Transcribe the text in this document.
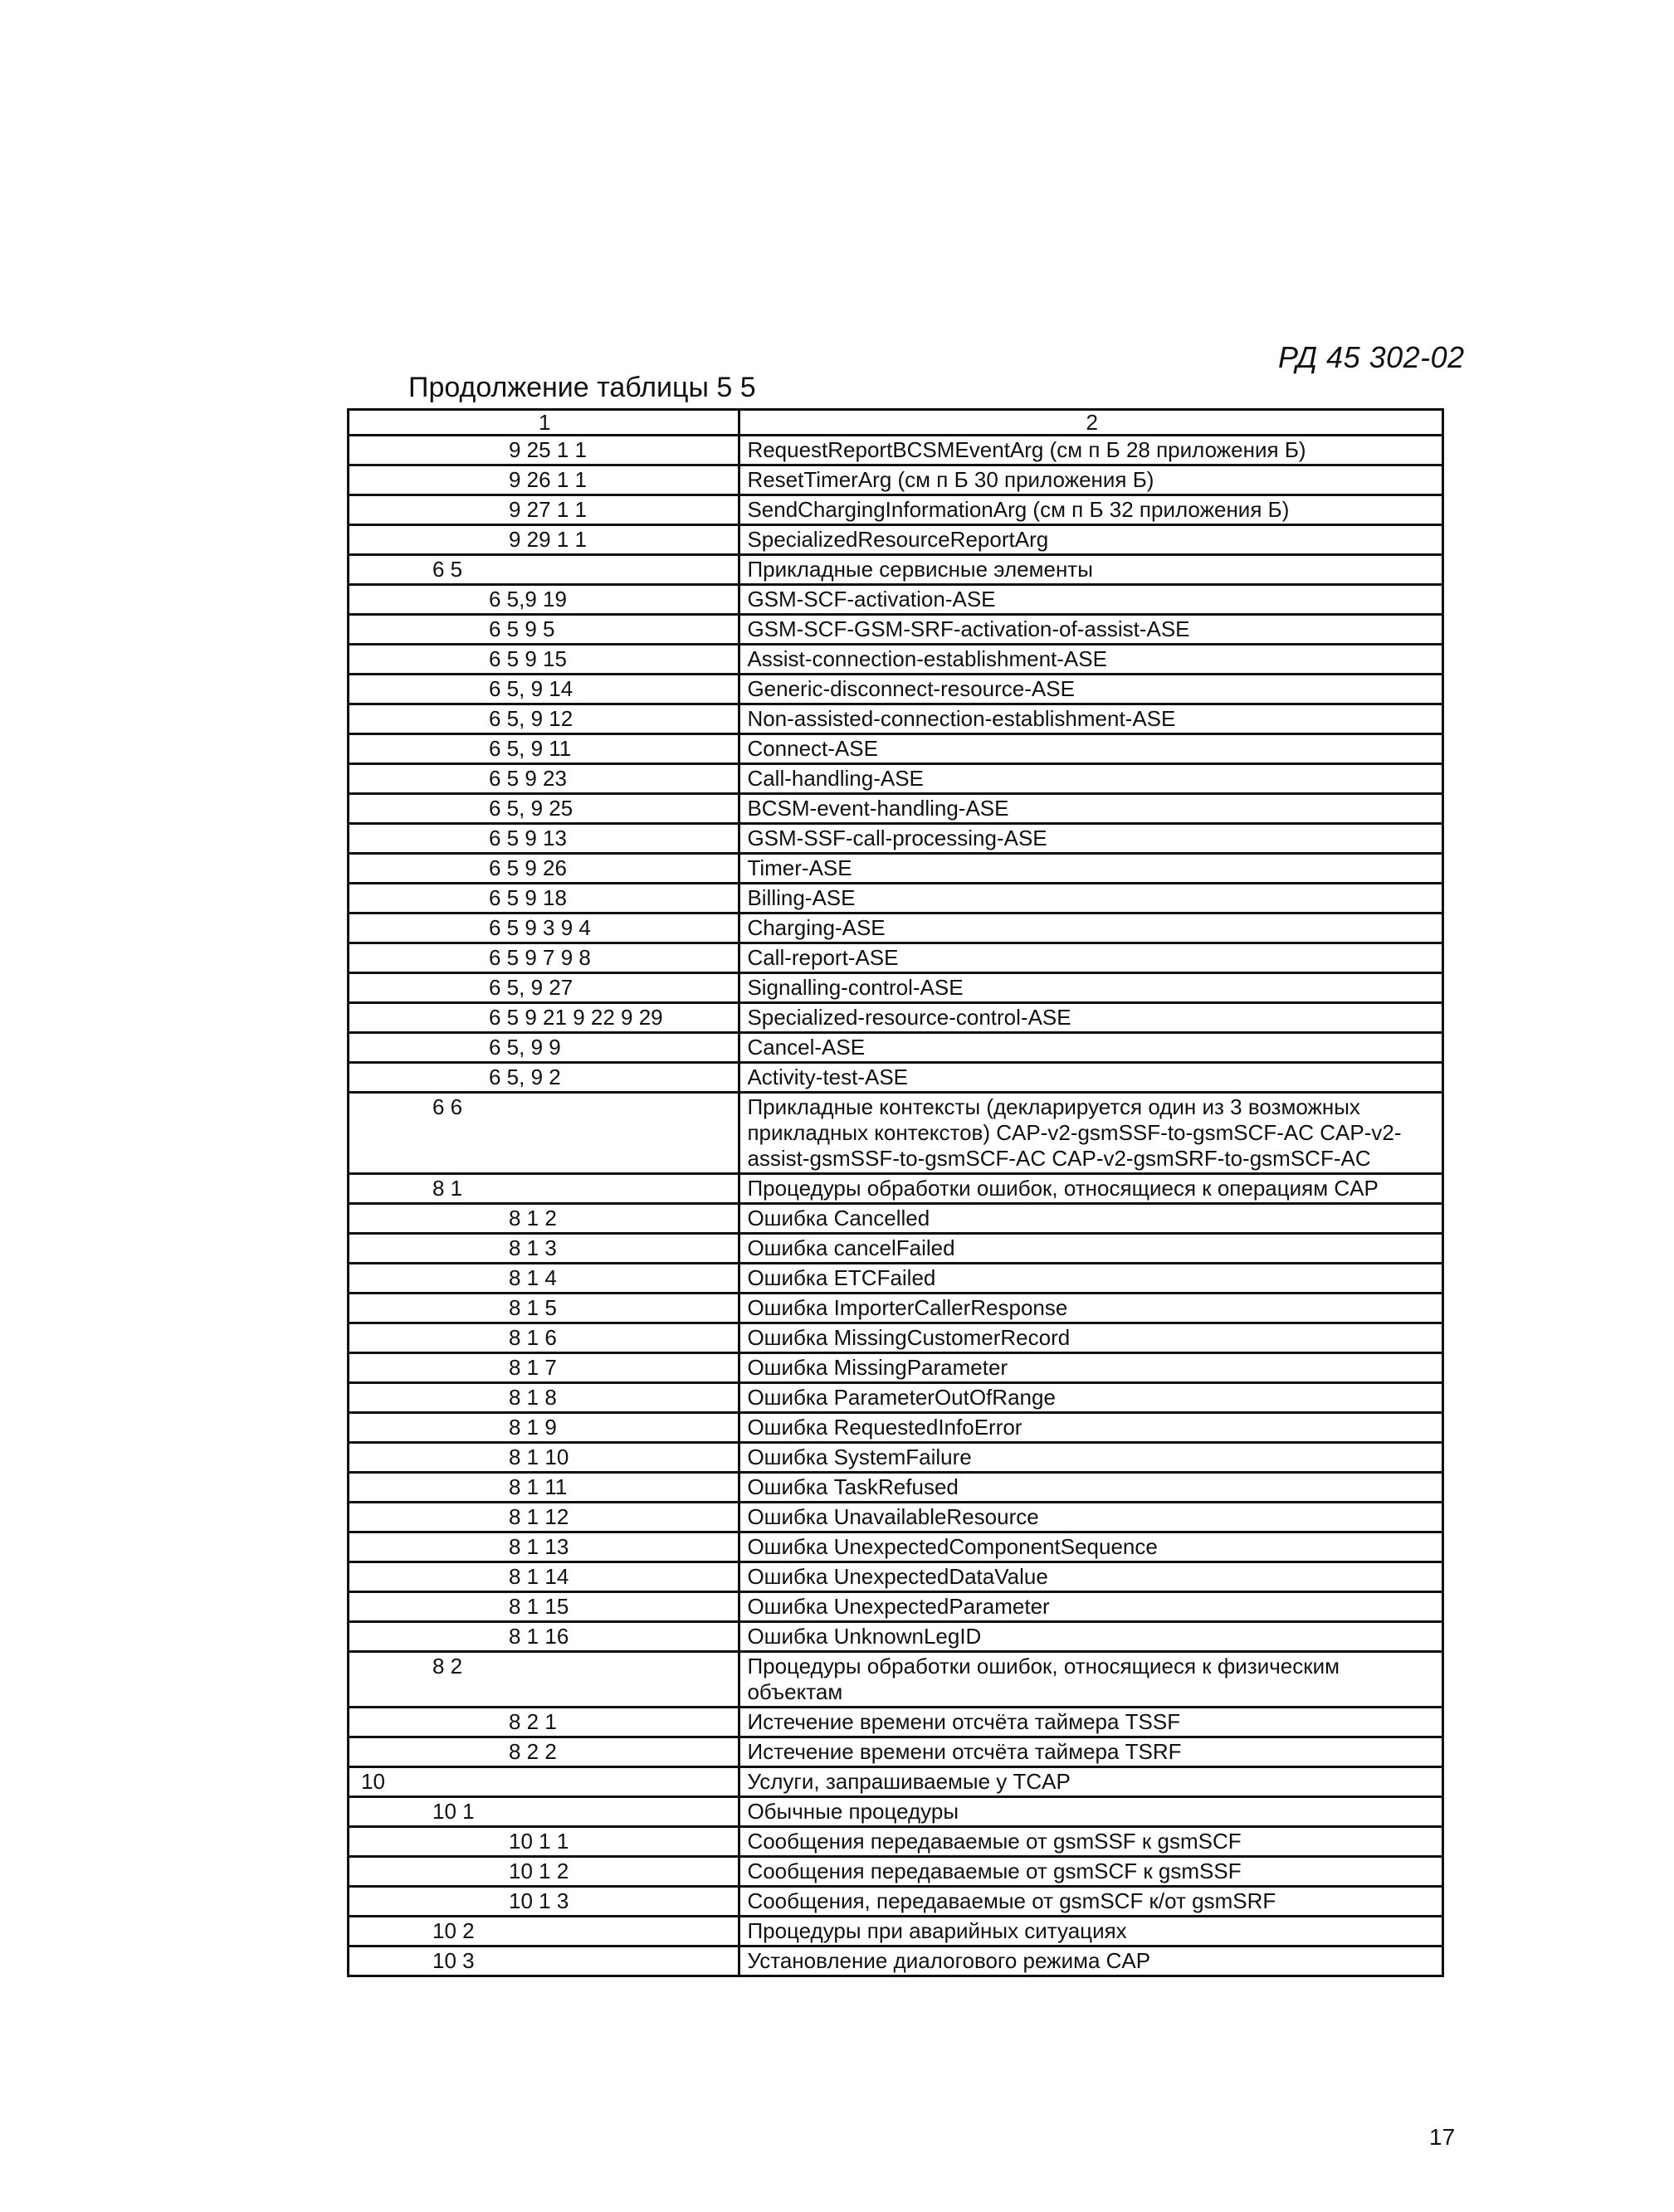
РД 45 302-02
Продолжение таблицы 5 5
1	2
9 25 1 1	RequestReportBCSMEventArg (см п Б 28 приложения Б)
9 26 1 1	ResetTimerArg (см п Б 30 приложения Б)
9 27 1 1	SendChargingInformationArg (см п Б 32 приложения Б)
9 29 1 1	SpecializedResourceReportArg
6 5	Прикладные сервисные элементы
6 5,9 19	GSM-SCF-activation-ASE
6 5 9 5	GSM-SCF-GSM-SRF-activation-of-assist-ASE
6 5 9 15	Assist-connection-establishment-ASE
6 5, 9 14	Generic-disconnect-resource-ASE
6 5, 9 12	Non-assisted-connection-establishment-ASE
6 5, 9 11	Connect-ASE
6 5 9 23	Call-handling-ASE
6 5, 9 25	BCSM-event-handling-ASE
6 5 9 13	GSM-SSF-call-processing-ASE
6 5 9 26	Timer-ASE
6 5 9 18	Billing-ASE
6 5 9 3 9 4	Charging-ASE
6 5 9 7 9 8	Call-report-ASE
6 5, 9 27	Signalling-control-ASE
6 5 9 21 9 22 9 29	Specialized-resource-control-ASE
6 5, 9 9	Cancel-ASE
6 5, 9 2	Activity-test-ASE
6 6	Прикладные контексты (декларируется один из 3 возможных прикладных контекстов) CAP-v2-gsmSSF-to-gsmSCF-AC CAP-v2-assist-gsmSSF-to-gsmSCF-AC CAP-v2-gsmSRF-to-gsmSCF-AC
8 1	Процедуры обработки ошибок, относящиеся к операциям CAP
8 1 2	Ошибка Cancelled
8 1 3	Ошибка cancelFailed
8 1 4	Ошибка ETCFailed
8 1 5	Ошибка ImporterCallerResponse
8 1 6	Ошибка MissingCustomerRecord
8 1 7	Ошибка MissingParameter
8 1 8	Ошибка ParameterOutOfRange
8 1 9	Ошибка RequestedInfoError
8 1 10	Ошибка SystemFailure
8 1 11	Ошибка TaskRefused
8 1 12	Ошибка UnavailableResource
8 1 13	Ошибка UnexpectedComponentSequence
8 1 14	Ошибка UnexpectedDataValue
8 1 15	Ошибка UnexpectedParameter
8 1 16	Ошибка UnknownLegID
8 2	Процедуры обработки ошибок, относящиеся к физическим объектам
8 2 1	Истечение времени отсчёта таймера TSSF
8 2 2	Истечение времени отсчёта таймера TSRF
10	Услуги, запрашиваемые у TCAP
10 1	Обычные процедуры
10 1 1	Сообщения передаваемые от gsmSSF к gsmSCF
10 1 2	Сообщения передаваемые от gsmSCF к gsmSSF
10 1 3	Сообщения, передаваемые от gsmSCF к/от gsmSRF
10 2	Процедуры при аварийных ситуациях
10 3	Установление диалогового режима CAP
17
